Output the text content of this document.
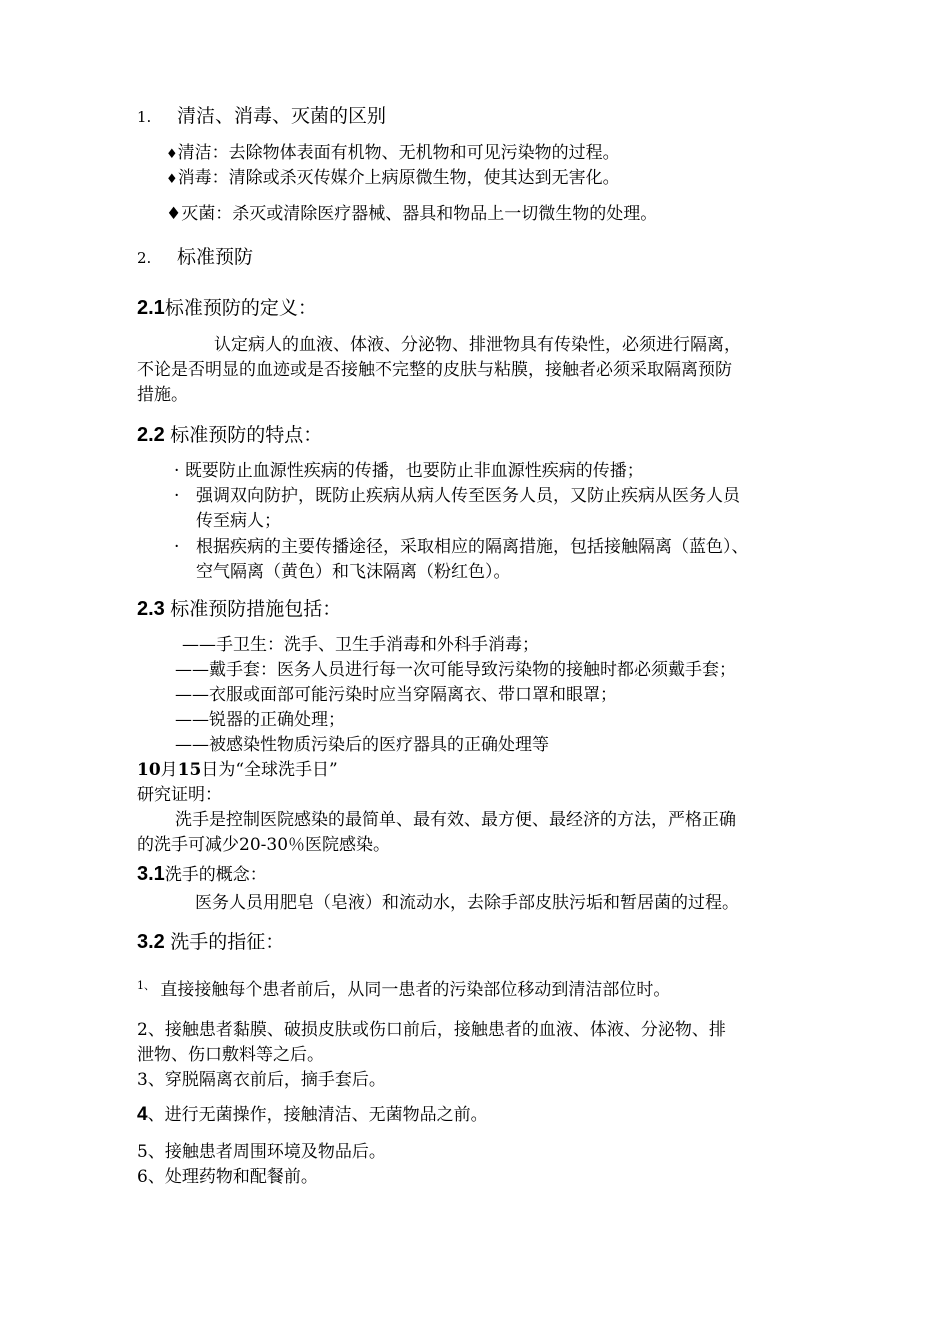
1. 清洁、消毒、灭菌的区别
♦清洁：去除物体表面有机物、无机物和可见污染物的过程。
♦消毒：清除或杀灭传媒介上病原微生物，使其达到无害化。
♦灭菌：杀灭或清除医疗器械、器具和物品上一切微生物的处理。
2. 标准预防
2.1标准预防的定义：
认定病人的血液、体液、分泌物、排泄物具有传染性，必须进行隔离，
不论是否明显的血迹或是否接触不完整的皮肤与粘膜，接触者必须采取隔离预防
措施。
2.2 标准预防的特点：
· 既要防止血源性疾病的传播，也要防止非血源性疾病的传播；
· 强调双向防护，既防止疾病从病人传至医务人员，又防止疾病从医务人员
传至病人；
· 根据疾病的主要传播途径，采取相应的隔离措施，包括接触隔离（蓝色）、
空气隔离（黄色）和飞沫隔离（粉红色）。
2.3 标准预防措施包括：
——手卫生：洗手、卫生手消毒和外科手消毒；
——戴手套：医务人员进行每一次可能导致污染物的接触时都必须戴手套；
——衣服或面部可能污染时应当穿隔离衣、带口罩和眼罩；
——锐器的正确处理；
——被感染性物质污染后的医疗器具的正确处理等
10月15日为“全球洗手日”
研究证明：
洗手是控制医院感染的最简单、最有效、最方便、最经济的方法，严格正确
的洗手可减少20-30％医院感染。
3.1洗手的概念：
医务人员用肥皂（皂液）和流动水，去除手部皮肤污垢和暂居菌的过程。
3.2 洗手的指征：
$^{1、}$ 直接接触每个患者前后，从同一患者的污染部位移动到清洁部位时。
2、接触患者黏膜、破损皮肤或伤口前后，接触患者的血液、体液、分泌物、排
泄物、伤口敷料等之后。
3、穿脱隔离衣前后，摘手套后。
4、进行无菌操作，接触清洁、无菌物品之前。
5、接触患者周围环境及物品后。
6、处理药物和配餐前。
